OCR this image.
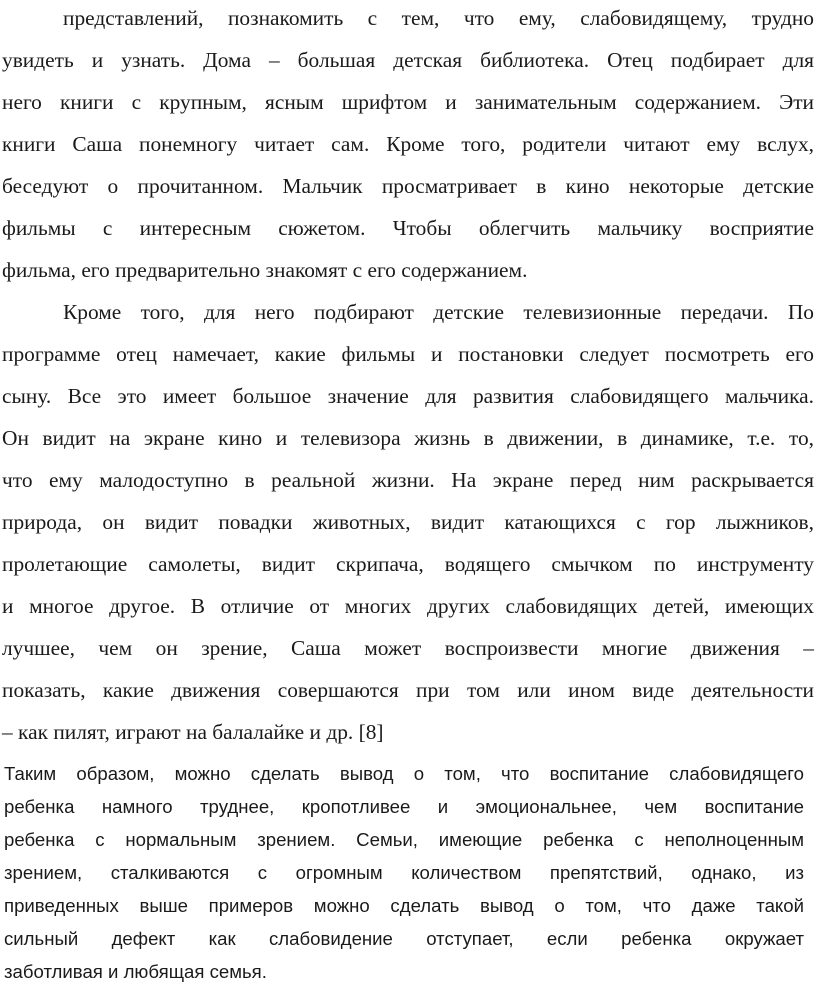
представлений, познакомить с тем, что ему, слабовидящему, трудно
увидеть и узнать. Дома – большая детская библиотека. Отец подбирает для
него книги с крупным, ясным шрифтом и занимательным содержанием. Эти
книги Саша понемногу читает сам. Кроме того, родители читают ему вслух,
беседуют о прочитанном. Мальчик просматривает в кино некоторые детские
фильмы с интересным сюжетом. Чтобы облегчить мальчику восприятие
фильма, его предварительно знакомят с его содержанием.
Кроме того, для него подбирают детские телевизионные передачи. По
программе отец намечает, какие фильмы и постановки следует посмотреть его
сыну. Все это имеет большое значение для развития слабовидящего мальчика.
Он видит на экране кино и телевизора жизнь в движении, в динамике, т.е. то,
что ему малодоступно в реальной жизни. На экране перед ним раскрывается
природа, он видит повадки животных, видит катающихся с гор лыжников,
пролетающие самолеты, видит скрипача, водящего смычком по инструменту
и многое другое. В отличие от многих других слабовидящих детей, имеющих
лучшее, чем он зрение, Саша может воспроизвести многие движения –
показать, какие движения совершаются при том или ином виде деятельности
– как пилят, играют на балалайке и др. [8]
Таким образом, можно сделать вывод о том, что воспитание слабовидящего
ребенка намного труднее, кропотливее и эмоциональнее, чем воспитание
ребенка с нормальным зрением. Семьи, имеющие ребенка с неполноценным
зрением, сталкиваются с огромным количеством препятствий, однако, из
приведенных выше примеров можно сделать вывод о том, что даже такой
сильный дефект как слабовидение отступает, если ребенка окружает
заботливая и любящая семья.
